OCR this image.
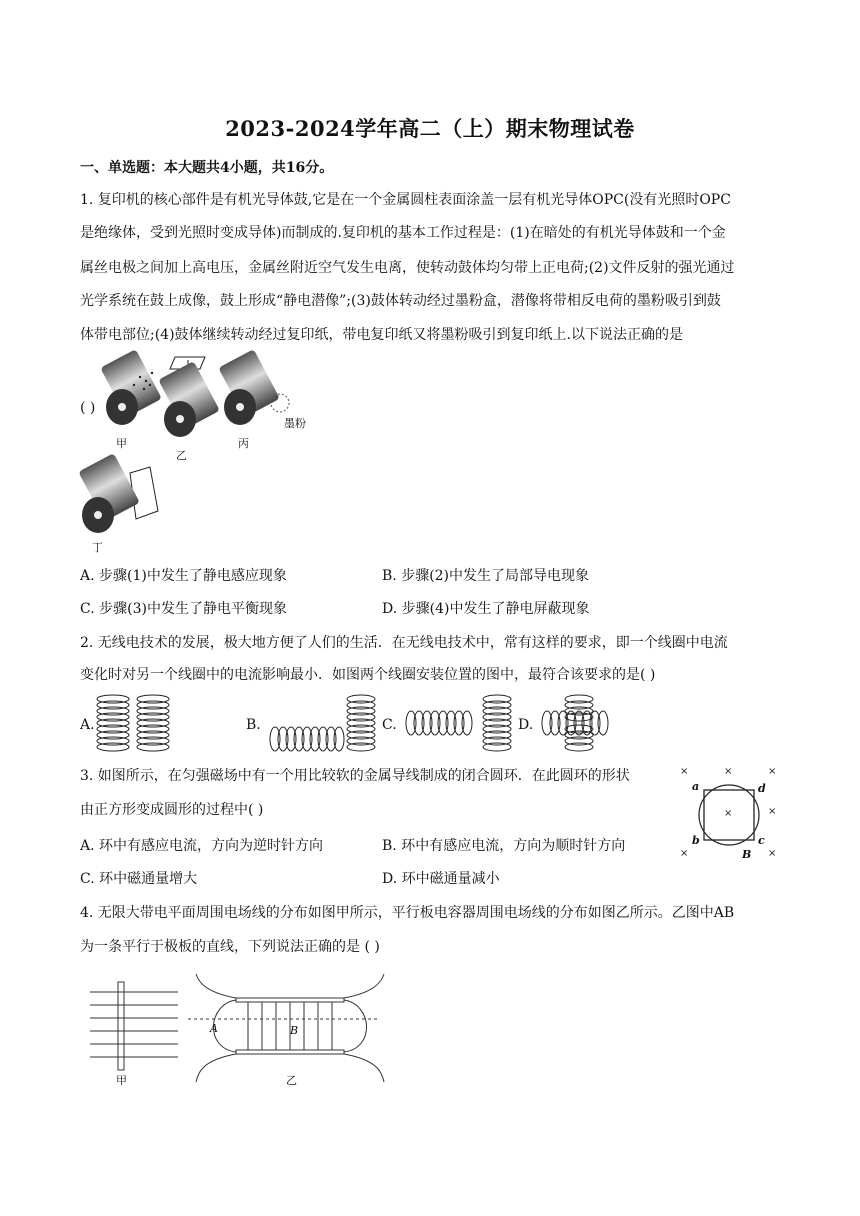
2023-2024学年高二（上）期末物理试卷
一、单选题：本大题共4小题，共16分。
1. 复印机的核心部件是有机光导体鼓,它是在一个金属圆柱表面涂盖一层有机光导体OPC(没有光照时OPC
是绝缘体，受到光照时变成导体)而制成的.复印机的基本工作过程是：(1)在暗处的有机光导体鼓和一个金
属丝电极之间加上高电压，金属丝附近空气发生电离，使转动鼓体均匀带上正电荷;(2)文件反射的强光通过
光学系统在鼓上成像，鼓上形成“静电潜像”;(3)鼓体转动经过墨粉盒，潜像将带相反电荷的墨粉吸引到鼓
体带电部位;(4)鼓体继续转动经过复印纸，带电复印纸又将墨粉吸引到复印纸上.以下说法正确的是
( )
甲
乙
丙
墨粉
丁
A. 步骤(1)中发生了静电感应现象	B. 步骤(2)中发生了局部导电现象
C. 步骤(3)中发生了静电平衡现象	D. 步骤(4)中发生了静电屏蔽现象
2. 无线电技术的发展，极大地方便了人们的生活．在无线电技术中，常有这样的要求，即一个线圈中电流
变化时对另一个线圈中的电流影响最小．如图两个线圈安装位置的图中，最符合该要求的是( )
A.	B.	C.	D.
3. 如图所示，在匀强磁场中有一个用比较软的金属导线制成的闭合圆环．在此圆环的形状
由正方形变成圆形的过程中( )
×	×	×
×
×
×	×
a
b	c
d
B
A. 环中有感应电流，方向为逆时针方向	B. 环中有感应电流，方向为顺时针方向
C. 环中磁通量增大	D. 环中磁通量减小
4. 无限大带电平面周围电场线的分布如图甲所示，平行板电容器周围电场线的分布如图乙所示。乙图中AB
为一条平行于极板的直线，下列说法正确的是 ( )
A	B
甲	乙
